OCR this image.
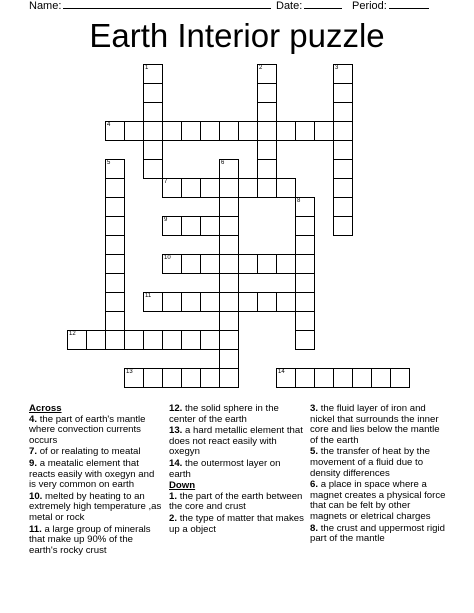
Name:	Date:	Period:
Earth Interior puzzle
1	2	3
4
5	6
7
8
9
10
11
12
13	14
Across
4. the part of earth's mantle where convection currents occurs
7. of or realating to meatal
9. a meatalic element that reacts easily with oxegyn and is very common on earth
10. melted by heating to an extremely high temperature ,as metal or rock
11. a large group of minerals that make up 90% of the earth's rocky crust
12. the solid sphere in the center of the earth
13. a hard metallic element that does not react easily with oxegyn
14. the outermost layer on earth
Down
1. the part of the earth between the core and crust
2. the type of matter that makes up a object
3. the fluid layer of iron and nickel that surrounds the inner core and lies below the mantle of the earth
5. the transfer of heat by the movement of a fluid due to density differences
6. a place in space where a magnet creates a physical force that can be felt by other magnets or eletrical charges
8. the crust and uppermost rigid part of the mantle
